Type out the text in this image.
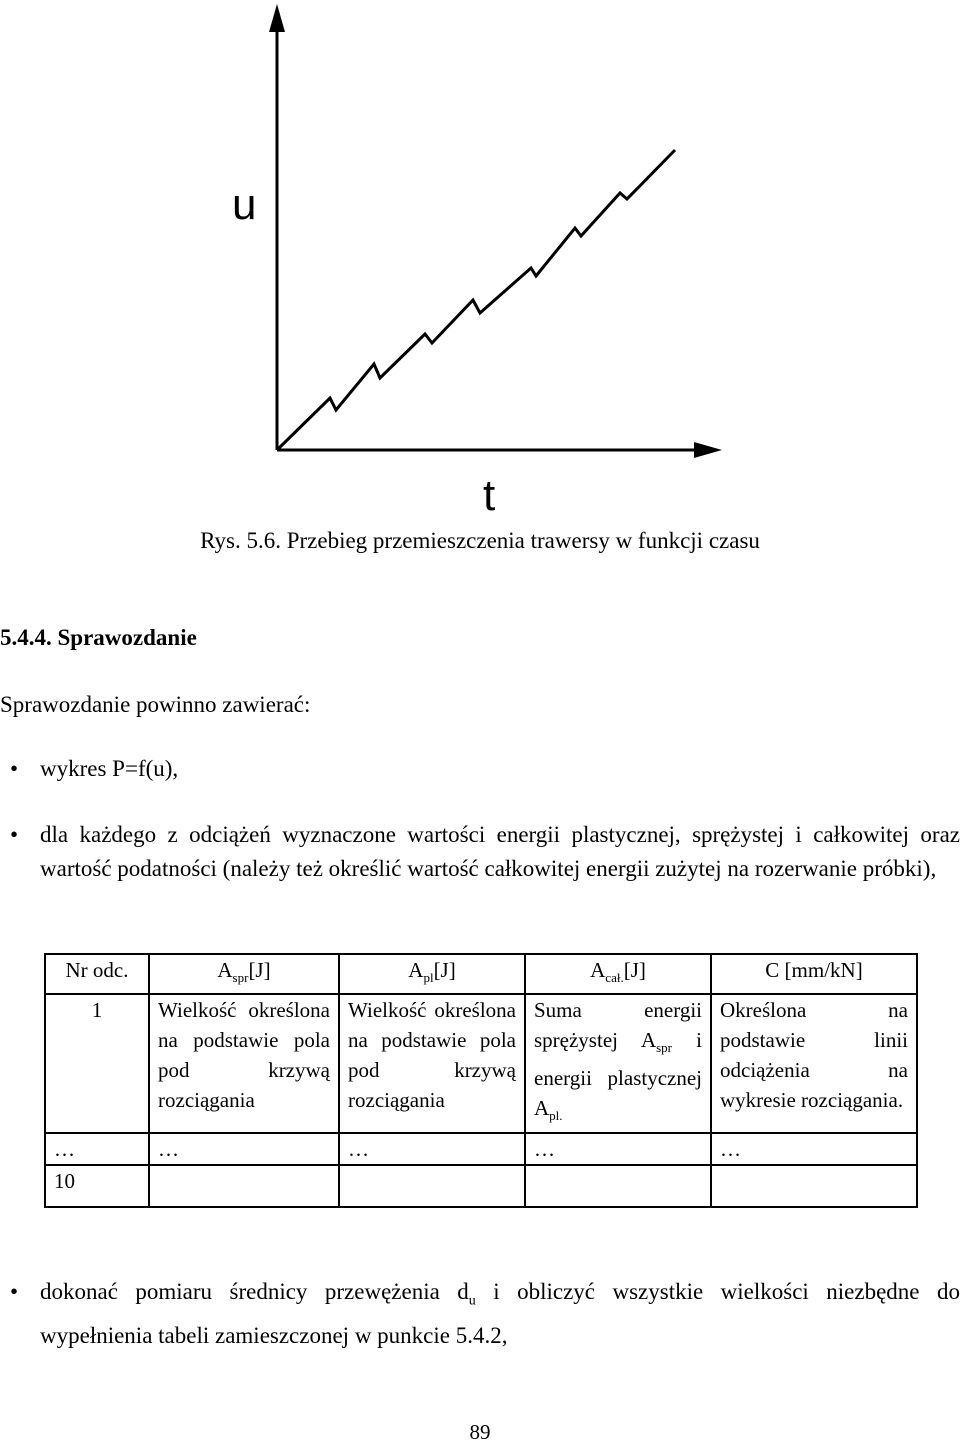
u
t
Rys. 5.6. Przebieg przemieszczenia trawersy w funkcji czasu
5.4.4. Sprawozdanie
Sprawozdanie powinno zawierać:
• wykres P=f(u),
• dla każdego z odciążeń wyznaczone wartości energii plastycznej, sprężystej i całkowitej oraz wartość podatności (należy też określić wartość całkowitej energii zużytej na rozerwanie próbki),
Nr odc.	$A_{spr}[J]$	$A_{pl}[J]$	$A_{cał.}[J]$	C [mm/kN]
1	Wielkość określona na podstawie pola pod krzywą rozciągania	Wielkość określona na podstawie pola pod krzywą rozciągania	Suma energii sprężystej $A_{spr}$ i energii plastycznej $A_{pl.}$	Określona na podstawie linii odciążenia na wykresie rozciągania.
…	…	…	…	…
10				
• dokonać pomiaru średnicy przewężenia $d_u$ i obliczyć wszystkie wielkości niezbędne do wypełnienia tabeli zamieszczonej w punkcie 5.4.2,
89
